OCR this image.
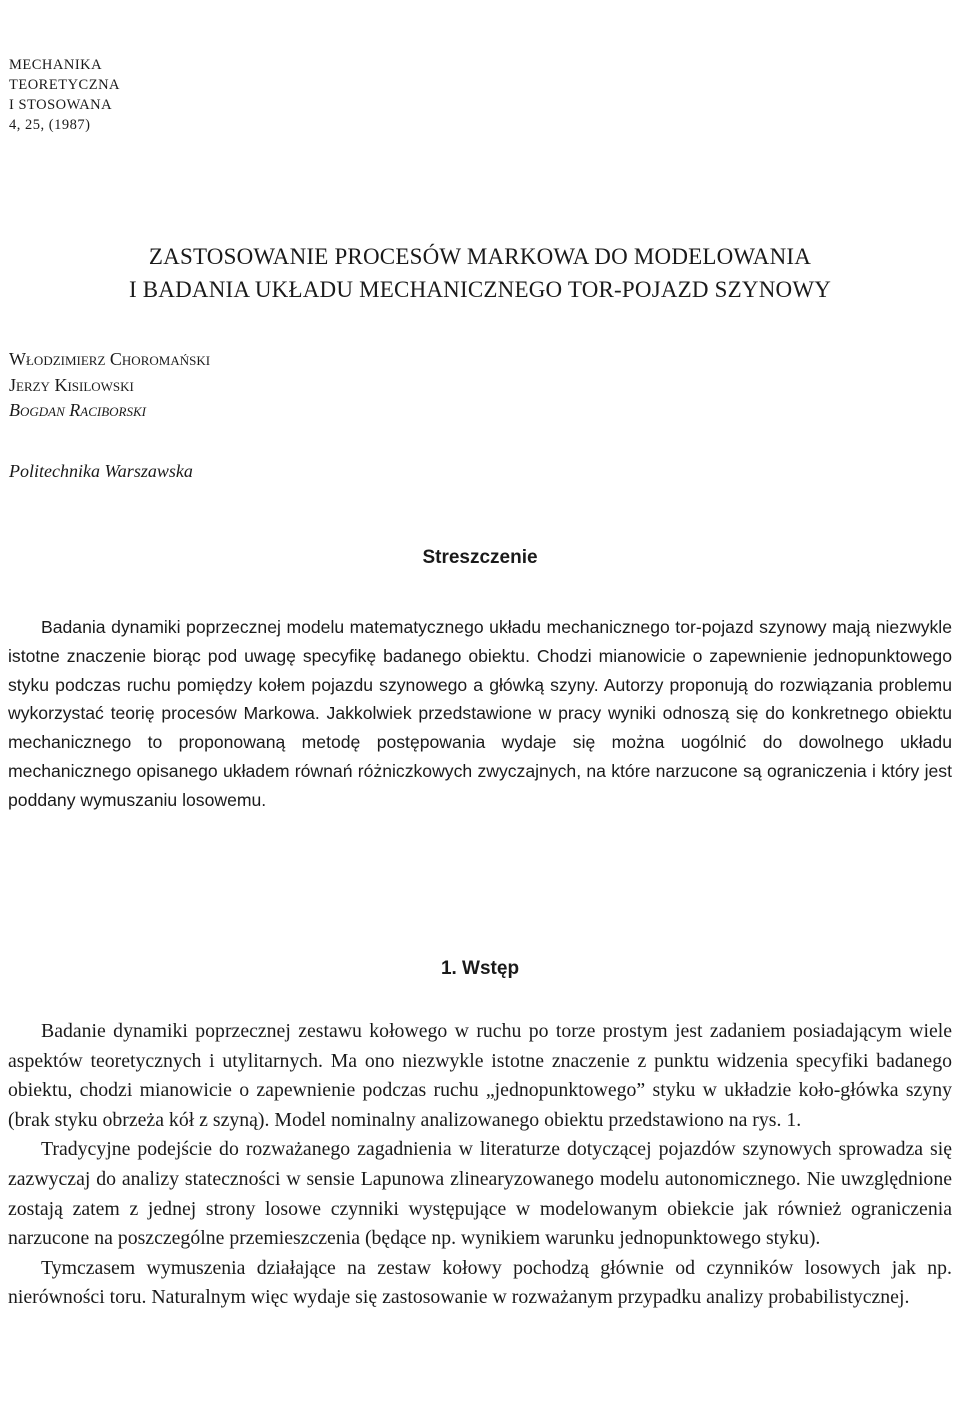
MECHANIKA
TEORETYCZNA
I STOSOWANA
4, 25, (1987)
ZASTOSOWANIE PROCESÓW MARKOWA DO MODELOWANIA
I BADANIA UKŁADU MECHANICZNEGO TOR-POJAZD SZYNOWY
Włodzimierz Choromański
Jerzy Kisilowski
Bogdan Raciborski
Politechnika Warszawska
Streszczenie

Badania dynamiki poprzecznej modelu matematycznego układu mechanicznego tor-pojazd szynowy mają niezwykle istotne znaczenie biorąc pod uwagę specyfikę badanego obiektu. Chodzi mianowicie o zapewnienie jednopunktowego styku podczas ruchu pomiędzy kołem pojazdu szynowego a główką szyny. Autorzy proponują do rozwiązania problemu wykorzystać teorię procesów Markowa. Jakkolwiek przedstawione w pracy wyniki odnoszą się do konkretnego obiektu mechanicznego to proponowaną metodę postępowania wydaje się można uogólnić do dowolnego układu mechanicznego opisanego układem równań różniczkowych zwyczajnych, na które narzucone są ograniczenia i który jest poddany wymuszaniu losowemu.

1. Wstęp

Badanie dynamiki poprzecznej zestawu kołowego w ruchu po torze prostym jest zadaniem posiadającym wiele aspektów teoretycznych i utylitarnych. Ma ono niezwykle istotne znaczenie z punktu widzenia specyfiki badanego obiektu, chodzi mianowicie o zapewnienie podczas ruchu „jednopunktowego” styku w układzie koło-główka szyny (brak styku obrzeża kół z szyną). Model nominalny analizowanego obiektu przedstawiono na rys. 1.

Tradycyjne podejście do rozważanego zagadnienia w literaturze dotyczącej pojazdów szynowych sprowadza się zazwyczaj do analizy stateczności w sensie Lapunowa zlinearyzowanego modelu autonomicznego. Nie uwzględnione zostają zatem z jednej strony losowe czynniki występujące w modelowanym obiekcie jak również ograniczenia narzucone na poszczególne przemieszczenia (będące np. wynikiem warunku jednopunktowego styku).

Tymczasem wymuszenia działające na zestaw kołowy pochodzą głównie od czynników losowych jak np. nierówności toru. Naturalnym więc wydaje się zastosowanie w rozważanym przypadku analizy probabilistycznej.
